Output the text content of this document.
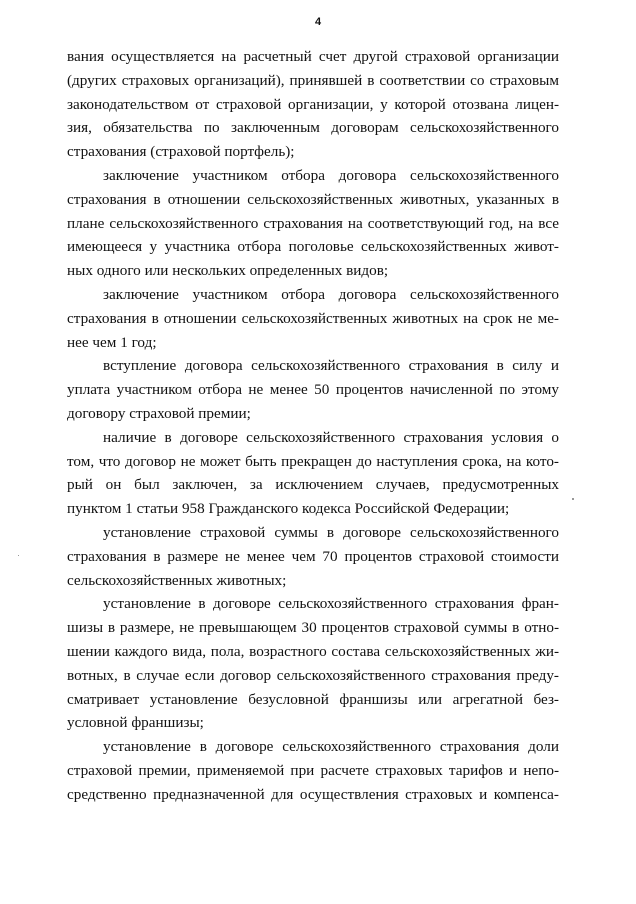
4
вания осуществляется на расчетный счет другой страховой организации
(других страховых организаций), принявшей в соответствии со страховым
законодательством от страховой организации, у которой отозвана лицен-
зия, обязательства по заключенным договорам сельскохозяйственного
страхования (страховой портфель);
заключение участником отбора договора сельскохозяйственного
страхования в отношении сельскохозяйственных животных, указанных в
плане сельскохозяйственного страхования на соответствующий год, на все
имеющееся у участника отбора поголовье сельскохозяйственных живот-
ных одного или нескольких определенных видов;
заключение участником отбора договора сельскохозяйственного
страхования в отношении сельскохозяйственных животных на срок не ме-
нее чем 1 год;
вступление договора сельскохозяйственного страхования в силу и
уплата участником отбора не менее 50 процентов начисленной по этому
договору страховой премии;
наличие в договоре сельскохозяйственного страхования условия о
том, что договор не может быть прекращен до наступления срока, на кото-
рый он был заключен, за исключением случаев, предусмотренных
пунктом 1 статьи 958 Гражданского кодекса Российской Федерации;
установление страховой суммы в договоре сельскохозяйственного
страхования в размере не менее чем 70 процентов страховой стоимости
сельскохозяйственных животных;
установление в договоре сельскохозяйственного страхования фран-
шизы в размере, не превышающем 30 процентов страховой суммы в отно-
шении каждого вида, пола, возрастного состава сельскохозяйственных жи-
вотных, в случае если договор сельскохозяйственного страхования преду-
сматривает установление безусловной франшизы или агрегатной без-
условной франшизы;
установление в договоре сельскохозяйственного страхования доли
страховой премии, применяемой при расчете страховых тарифов и непо-
средственно предназначенной для осуществления страховых и компенса-
